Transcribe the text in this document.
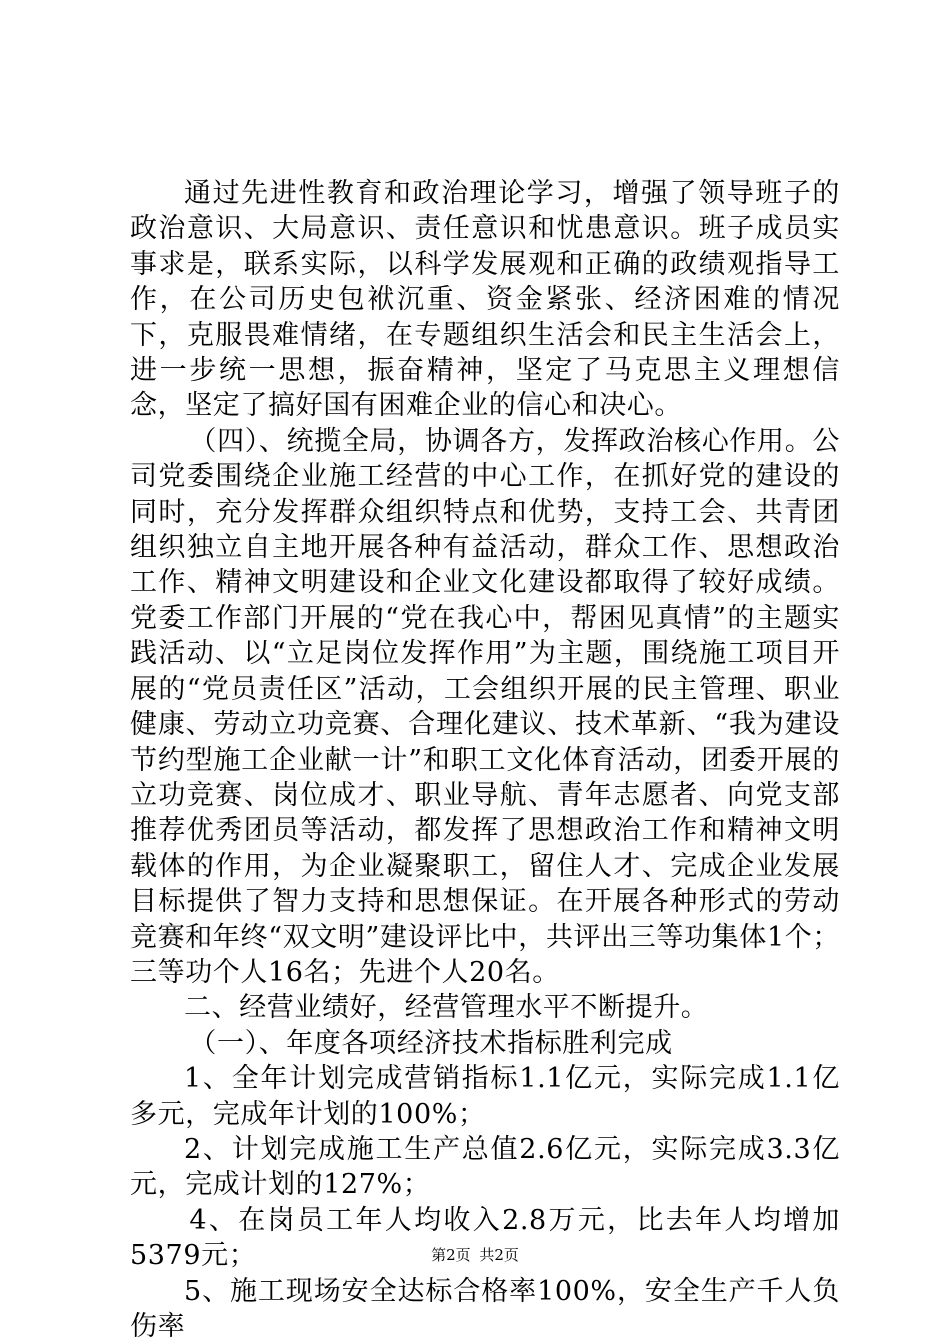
通过先进性教育和政治理论学习，增强了领导班子的政治意识、大局意识、责任意识和忧患意识。班子成员实事求是，联系实际，以科学发展观和正确的政绩观指导工作，在公司历史包袱沉重、资金紧张、经济困难的情况下，克服畏难情绪，在专题组织生活会和民主生活会上，进一步统一思想，振奋精神，坚定了马克思主义理想信念，坚定了搞好国有困难企业的信心和决心。

（四）、统揽全局，协调各方，发挥政治核心作用。公司党委围绕企业施工经营的中心工作，在抓好党的建设的同时，充分发挥群众组织特点和优势，支持工会、共青团组织独立自主地开展各种有益活动，群众工作、思想政治工作、精神文明建设和企业文化建设都取得了较好成绩。党委工作部门开展的“党在我心中，帮困见真情”的主题实践活动、以“立足岗位发挥作用”为主题，围绕施工项目开展的“党员责任区”活动，工会组织开展的民主管理、职业健康、劳动立功竞赛、合理化建议、技术革新、“我为建设节约型施工企业献一计”和职工文化体育活动，团委开展的立功竞赛、岗位成才、职业导航、青年志愿者、向党支部推荐优秀团员等活动，都发挥了思想政治工作和精神文明载体的作用，为企业凝聚职工，留住人才、完成企业发展目标提供了智力支持和思想保证。在开展各种形式的劳动竞赛和年终“双文明”建设评比中，共评出三等功集体1个；三等功个人16名；先进个人20名。

二、经营业绩好，经营管理水平不断提升。

（一）、年度各项经济技术指标胜利完成

1、全年计划完成营销指标1.1亿元，实际完成1.1亿多元，完成年计划的100%；

2、计划完成施工生产总值2.6亿元，实际完成3.3亿元，完成计划的127%；

4、在岗员工年人均收入2.8万元，比去年人均增加5379元；

5、施工现场安全达标合格率100%，安全生产千人负伤率

第2页 共2页
